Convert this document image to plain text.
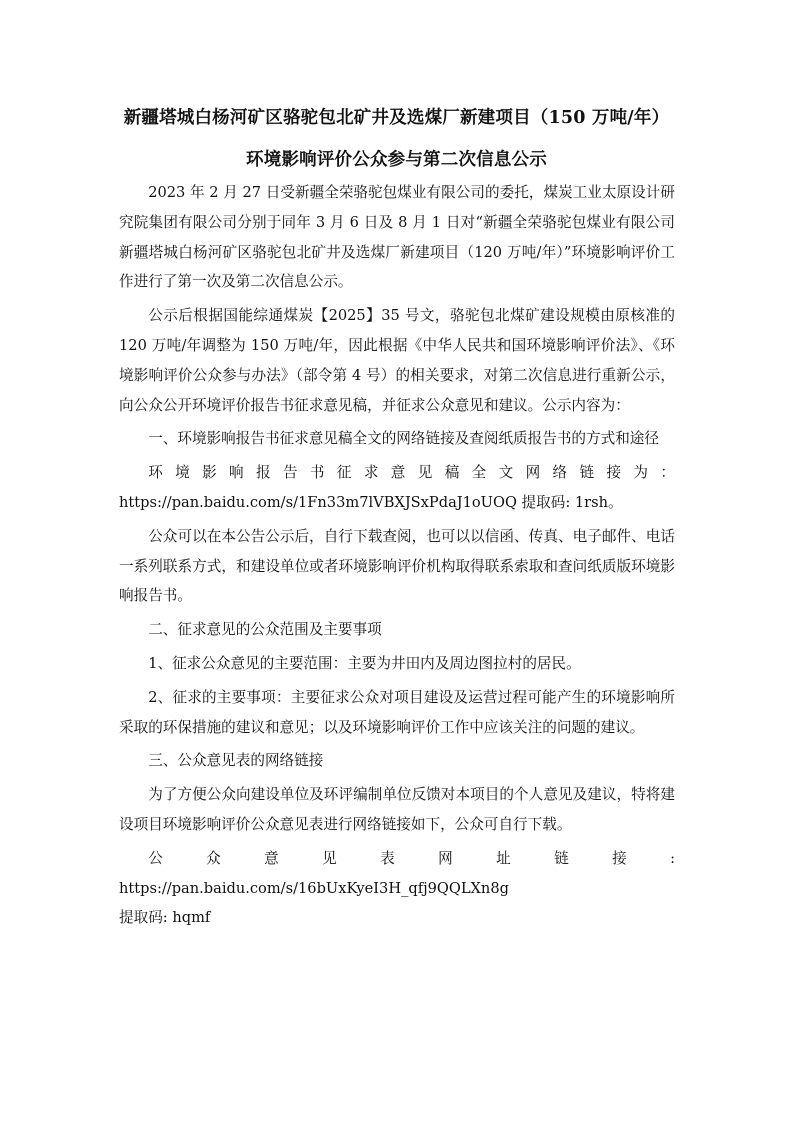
新疆塔城白杨河矿区骆驼包北矿井及选煤厂新建项目（150 万吨/年）
环境影响评价公众参与第二次信息公示

2023 年 2 月 27 日受新疆全荣骆驼包煤业有限公司的委托，煤炭工业太原设计研究院集团有限公司分别于同年 3 月 6 日及 8 月 1 日对“新疆全荣骆驼包煤业有限公司新疆塔城白杨河矿区骆驼包北矿井及选煤厂新建项目（120 万吨/年）”环境影响评价工作进行了第一次及第二次信息公示。

公示后根据国能综通煤炭【2025】35 号文，骆驼包北煤矿建设规模由原核准的 120 万吨/年调整为 150 万吨/年，因此根据《中华人民共和国环境影响评价法》、《环境影响评价公众参与办法》（部令第 4 号）的相关要求，对第二次信息进行重新公示，向公众公开环境评价报告书征求意见稿，并征求公众意见和建议。公示内容为：

一、环境影响报告书征求意见稿全文的网络链接及查阅纸质报告书的方式和途径

环境影响报告书征求意见稿全文网络链接为：

https://pan.baidu.com/s/1Fn33m7lVBXJSxPdaJ1oUOQ 提取码: 1rsh。

公众可以在本公告公示后，自行下载查阅，也可以以信函、传真、电子邮件、电话一系列联系方式，和建设单位或者环境影响评价机构取得联系索取和查问纸质版环境影响报告书。

二、征求意见的公众范围及主要事项

1、征求公众意见的主要范围：主要为井田内及周边图拉村的居民。

2、征求的主要事项：主要征求公众对项目建设及运营过程可能产生的环境影响所采取的环保措施的建议和意见；以及环境影响评价工作中应该关注的问题的建议。

三、公众意见表的网络链接

为了方便公众向建设单位及环评编制单位反馈对本项目的个人意见及建议，特将建设项目环境影响评价公众意见表进行网络链接如下，公众可自行下载。

公众意见表网址链接: https://pan.baidu.com/s/16bUxKyeI3H_qfj9QQLXn8g

提取码: hqmf
